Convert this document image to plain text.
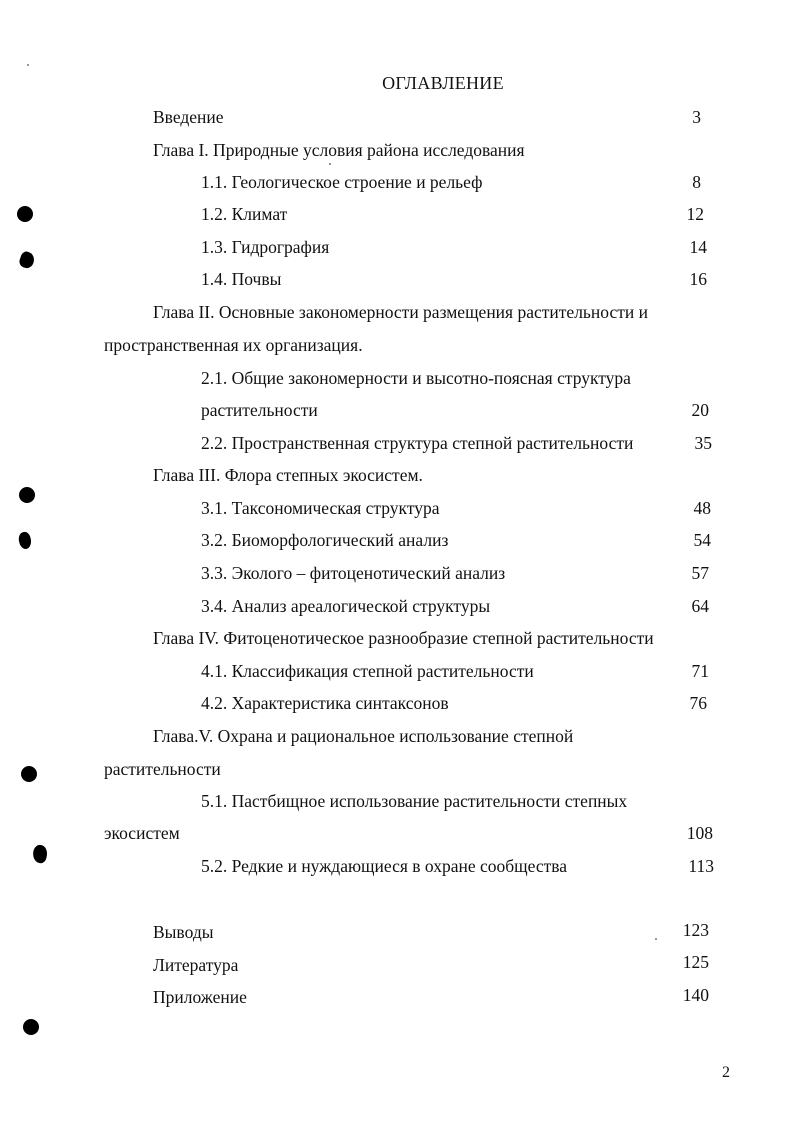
ОГЛАВЛЕНИЕ
Введение	3
Глава I. Природные условия района исследования
1.1. Геологическое строение и рельеф	8
1.2. Климат	12
1.3. Гидрография	14
1.4. Почвы	16
Глава II. Основные закономерности размещения растительности и
пространственная их организация.
2.1. Общие закономерности и высотно-поясная структура
растительности	20
2.2. Пространственная структура степной растительности	35
Глава III. Флора степных экосистем.
3.1. Таксономическая структура	48
3.2. Биоморфологический анализ	54
3.3. Эколого – фитоценотический анализ	57
3.4. Анализ ареалогической структуры	64
Глава IV. Фитоценотическое разнообразие степной растительности
4.1. Классификация степной растительности	71
4.2. Характеристика синтаксонов	76
Глава.V. Охрана и рациональное использование степной
растительности
5.1. Пастбищное использование растительности степных
экосистем	108
5.2. Редкие и нуждающиеся в охране сообщества	113
Выводы	123
Литература	125
Приложение	140
2
